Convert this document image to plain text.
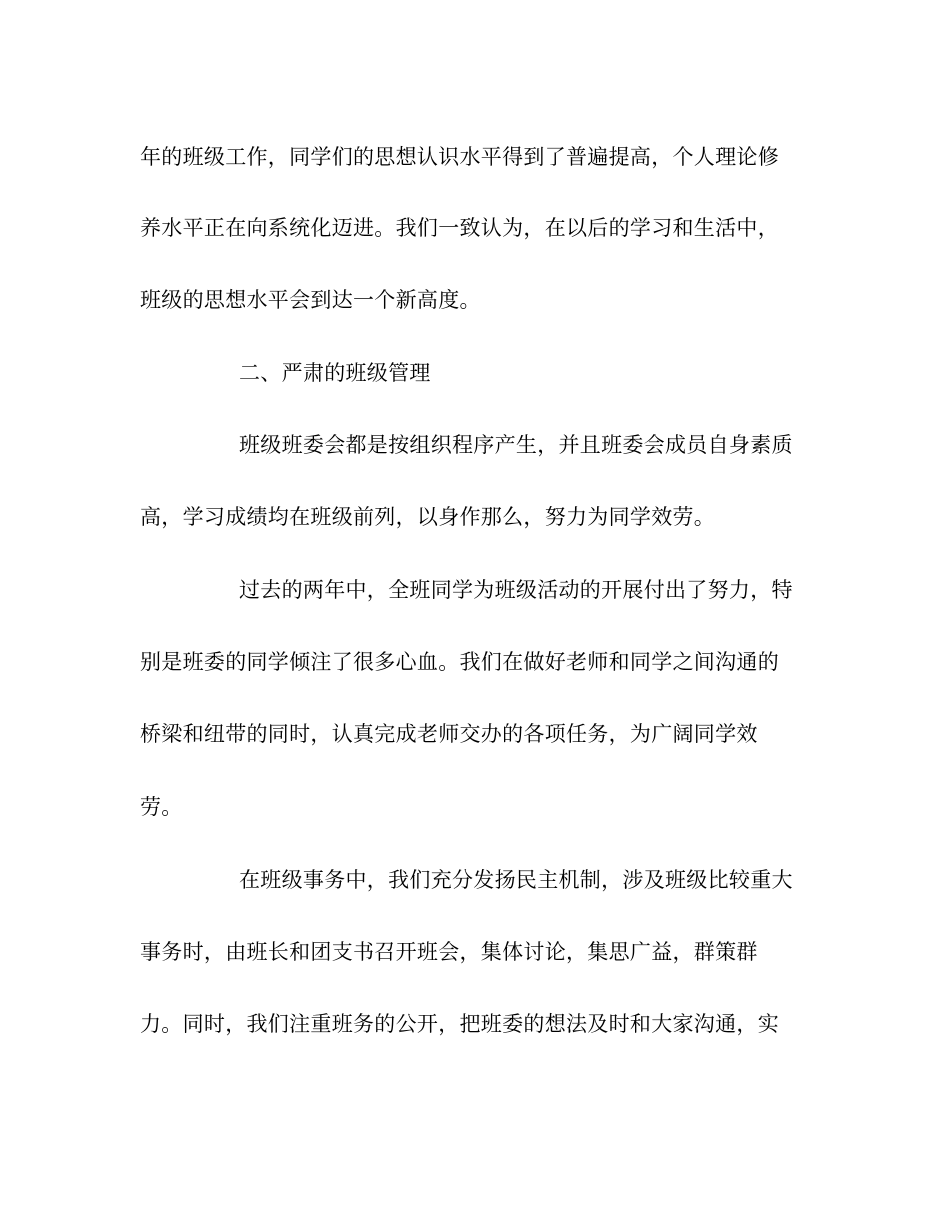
年的班级工作，同学们的思想认识水平得到了普遍提高，个人理论修
养水平正在向系统化迈进。我们一致认为，在以后的学习和生活中，
班级的思想水平会到达一个新高度。
二、严肃的班级管理
班级班委会都是按组织程序产生，并且班委会成员自身素质
高，学习成绩均在班级前列，以身作那么，努力为同学效劳。
过去的两年中，全班同学为班级活动的开展付出了努力，特
别是班委的同学倾注了很多心血。我们在做好老师和同学之间沟通的
桥梁和纽带的同时，认真完成老师交办的各项任务，为广阔同学效
劳。
在班级事务中，我们充分发扬民主机制，涉及班级比较重大
事务时，由班长和团支书召开班会，集体讨论，集思广益，群策群
力。同时，我们注重班务的公开，把班委的想法及时和大家沟通，实
